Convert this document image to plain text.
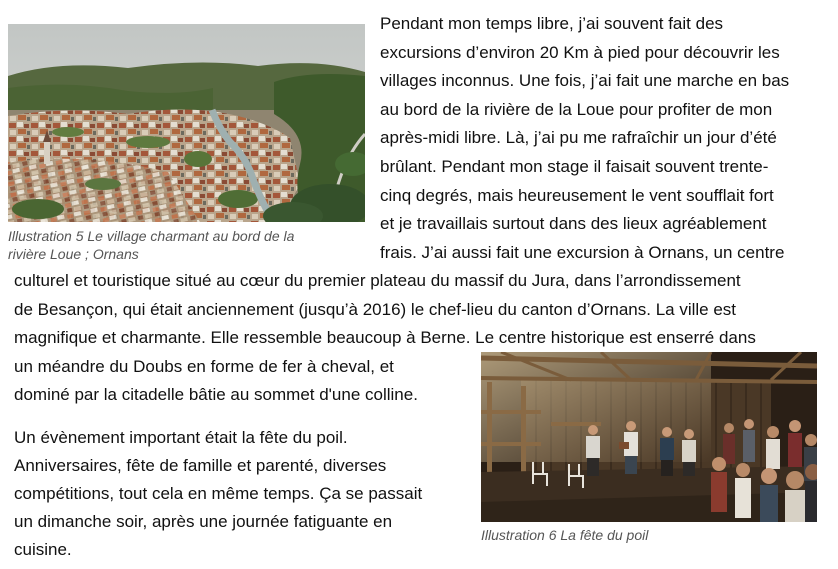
Illustration 5 Le village charmant au bord de la
rivière Loue ; Ornans
Pendant mon temps libre, j’ai souvent fait des
excursions d’environ 20 Km à pied pour découvrir les
villages inconnus. Une fois, j’ai fait une marche en bas
au bord de la rivière de la Loue pour profiter de mon
après-midi libre. Là, j’ai pu me rafraîchir un jour d’été
brûlant. Pendant mon stage il faisait souvent trente-
cinq degrés, mais heureusement le vent soufflait fort
et je travaillais surtout dans des lieux agréablement
frais. J’ai aussi fait une excursion à Ornans, un centre
culturel et touristique situé au cœur du premier plateau du massif du Jura, dans l’arrondissement
de Besançon, qui était anciennement (jusqu’à 2016) le chef-lieu du canton d’Ornans. La ville est
magnifique et charmante. Elle ressemble beaucoup à Berne. Le centre historique est enserré dans
un méandre du Doubs en forme de fer à cheval, et
dominé par la citadelle bâtie au sommet d'une colline.
Un évènement important était la fête du poil.
Anniversaires, fête de famille et parenté, diverses
compétitions, tout cela en même temps. Ça se passait
un dimanche soir, après une journée fatiguante en
cuisine.
Illustration 6 La fête du poil
